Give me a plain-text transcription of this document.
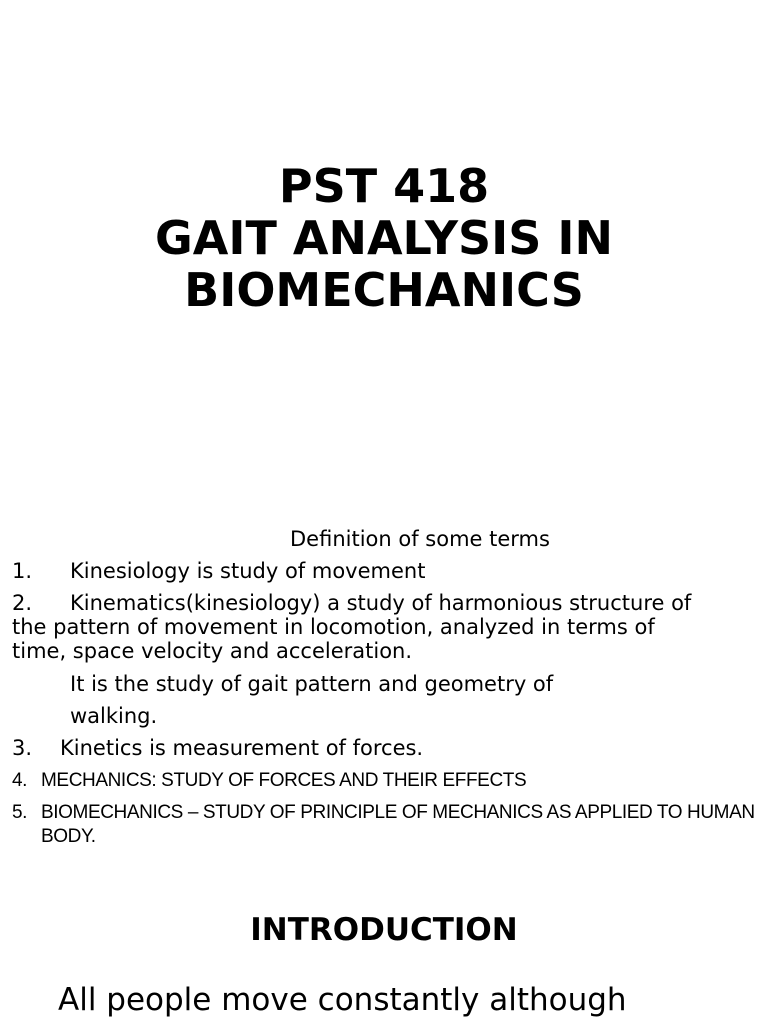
PST 418
GAIT ANALYSIS IN
BIOMECHANICS
Definition of some terms
1. Kinesiology is study of movement
2. Kinematics(kinesiology) a study of harmonious structure of
the pattern of movement in locomotion, analyzed in terms of
time, space velocity and acceleration.
It is the study of gait pattern and geometry of
walking.
3. Kinetics is measurement of forces.
4. MECHANICS: STUDY OF FORCES AND THEIR EFFECTS
5. BIOMECHANICS – STUDY OF PRINCIPLE OF MECHANICS AS APPLIED TO HUMAN
BODY.
INTRODUCTION
All people move constantly although
